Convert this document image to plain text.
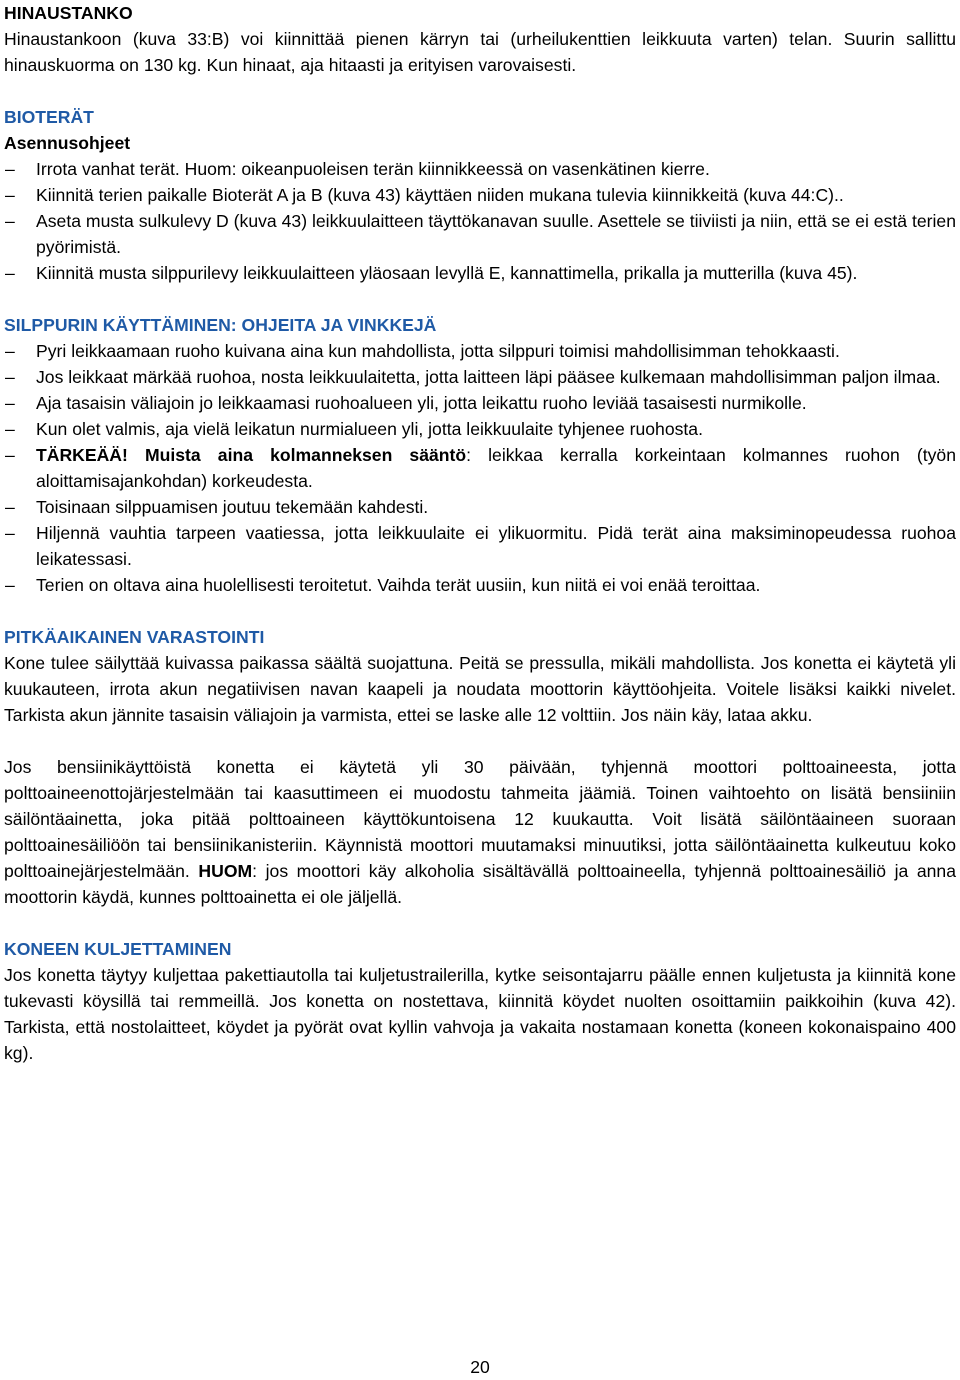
HINAUSTANKO

Hinaustankoon (kuva 33:B) voi kiinnittää pienen kärryn tai (urheilukenttien leikkuuta varten) telan. Suurin sallittu hinauskuorma on 130 kg. Kun hinaat, aja hitaasti ja erityisen varovaisesti.

BIOTERÄT
Asennusohjeet
– Irrota vanhat terät. Huom: oikeanpuoleisen terän kiinnikkeessä on vasenkätinen kierre.
– Kiinnitä terien paikalle Bioterät A ja B (kuva 43) käyttäen niiden mukana tulevia kiinnikkeitä (kuva 44:C)..
– Aseta musta sulkulevy D (kuva 43) leikkuulaitteen täyttökanavan suulle. Asettele se tiiviisti ja niin, että se ei estä terien pyörimistä.
– Kiinnitä musta silppurilevy leikkuulaitteen yläosaan levyllä E, kannattimella, prikalla ja mutterilla (kuva 45).
SILPPURIN KÄYTTÄMINEN: OHJEITA JA VINKKEJÄ
– Pyri leikkaamaan ruoho kuivana aina kun mahdollista, jotta silppuri toimisi mahdollisimman tehokkaasti.
– Jos leikkaat märkää ruohoa, nosta leikkuulaitetta, jotta laitteen läpi pääsee kulkemaan mahdollisimman paljon ilmaa.
– Aja tasaisin väliajoin jo leikkaamasi ruohoalueen yli, jotta leikattu ruoho leviää tasaisesti nurmikolle.
– Kun olet valmis, aja vielä leikatun nurmialueen yli, jotta leikkuulaite tyhjenee ruohosta.
– TÄRKEÄÄ! Muista aina kolmanneksen sääntö: leikkaa kerralla korkeintaan kolmannes ruohon (työn aloittamisajankohdan) korkeudesta.
– Toisinaan silppuamisen joutuu tekemään kahdesti.
– Hiljennä vauhtia tarpeen vaatiessa, jotta leikkuulaite ei ylikuormitu. Pidä terät aina maksiminopeudessa ruohoa leikatessasi.
– Terien on oltava aina huolellisesti teroitetut. Vaihda terät uusiin, kun niitä ei voi enää teroittaa.
PITKÄAIKAINEN VARASTOINTI

Kone tulee säilyttää kuivassa paikassa säältä suojattuna. Peitä se pressulla, mikäli mahdollista. Jos konetta ei käytetä yli kuukauteen, irrota akun negatiivisen navan kaapeli ja noudata moottorin käyttöohjeita. Voitele lisäksi kaikki nivelet. Tarkista akun jännite tasaisin väliajoin ja varmista, ettei se laske alle 12 volttiin. Jos näin käy, lataa akku.

Jos bensiinikäyttöistä konetta ei käytetä yli 30 päivään, tyhjennä moottori polttoaineesta, jotta polttoaineenottojärjestelmään tai kaasuttimeen ei muodostu tahmeita jäämiä. Toinen vaihtoehto on lisätä bensiiniin säilöntäainetta, joka pitää polttoaineen käyttökuntoisena 12 kuukautta. Voit lisätä säilöntäaineen suoraan polttoainesäiliöön tai bensiinikanisteriin. Käynnistä moottori muutamaksi minuutiksi, jotta säilöntäainetta kulkeutuu koko polttoainejärjestelmään. HUOM: jos moottori käy alkoholia sisältävällä polttoaineella, tyhjennä polttoainesäiliö ja anna moottorin käydä, kunnes polttoainetta ei ole jäljellä.

KONEEN KULJETTAMINEN

Jos konetta täytyy kuljettaa pakettiautolla tai kuljetustrailerilla, kytke seisontajarru päälle ennen kuljetusta ja kiinnitä kone tukevasti köysillä tai remmeillä. Jos konetta on nostettava, kiinnitä köydet nuolten osoittamiin paikkoihin (kuva 42). Tarkista, että nostolaitteet, köydet ja pyörät ovat kyllin vahvoja ja vakaita nostamaan konetta (koneen kokonaispaino 400 kg).

20
